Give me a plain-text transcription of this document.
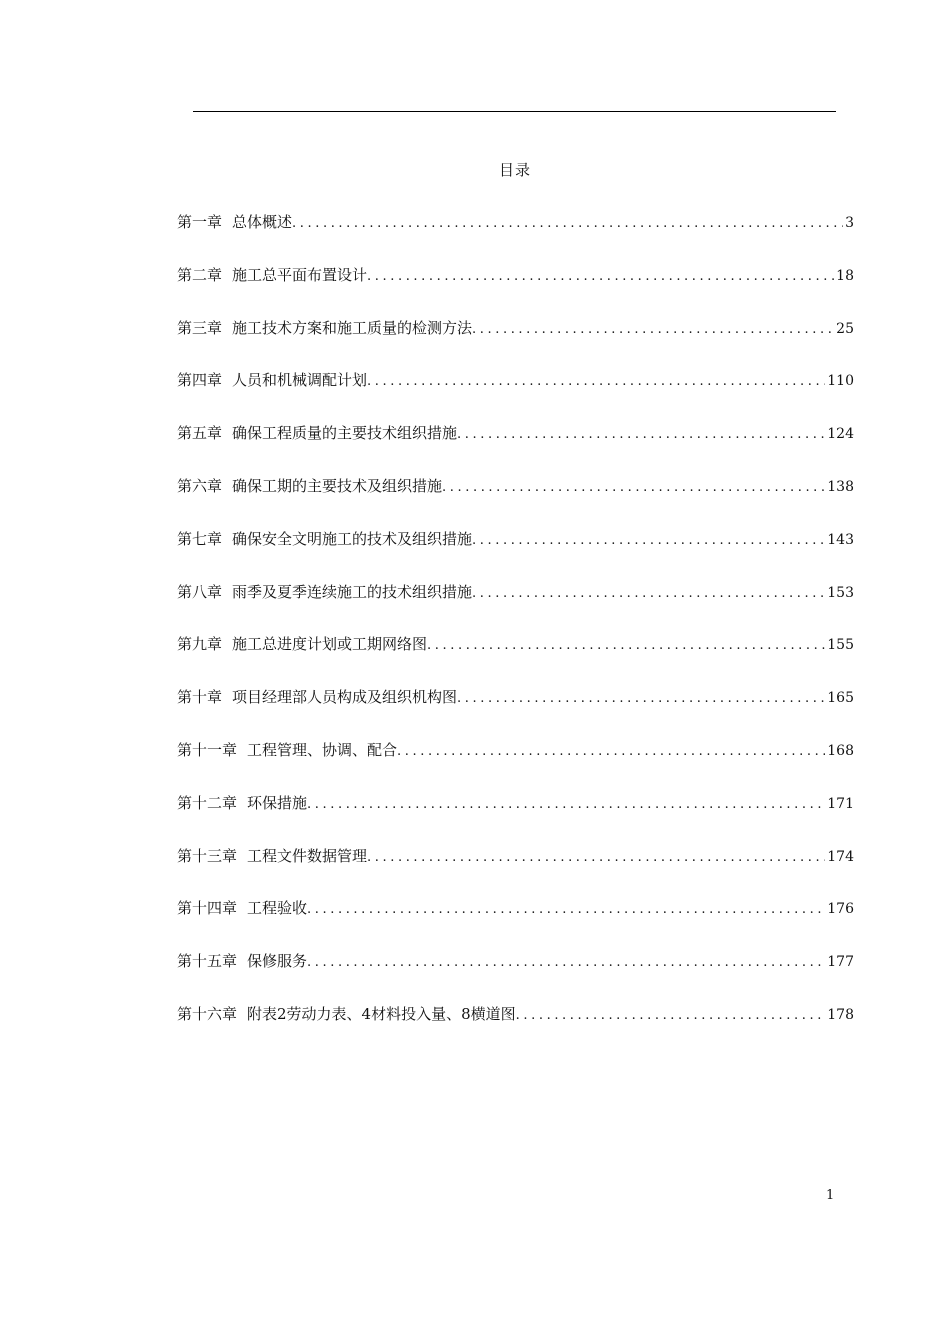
目录
第一章 总体概述 .....	3
第二章 施工总平面布置设计 .....	18
第三章 施工技术方案和施工质量的检测方法 .....	25
第四章 人员和机械调配计划 .....	110
第五章 确保工程质量的主要技术组织措施 .....	124
第六章 确保工期的主要技术及组织措施 .....	138
第七章 确保安全文明施工的技术及组织措施 .....	143
第八章 雨季及夏季连续施工的技术组织措施 .....	153
第九章 施工总进度计划或工期网络图 .....	155
第十章 项目经理部人员构成及组织机构图 .....	165
第十一章 工程管理、协调、配合 .....	168
第十二章 环保措施 .....	171
第十三章 工程文件数据管理 .....	174
第十四章 工程验收 .....	176
第十五章 保修服务 .....	177
第十六章 附表2劳动力表、4材料投入量、8横道图 .....	178
1
